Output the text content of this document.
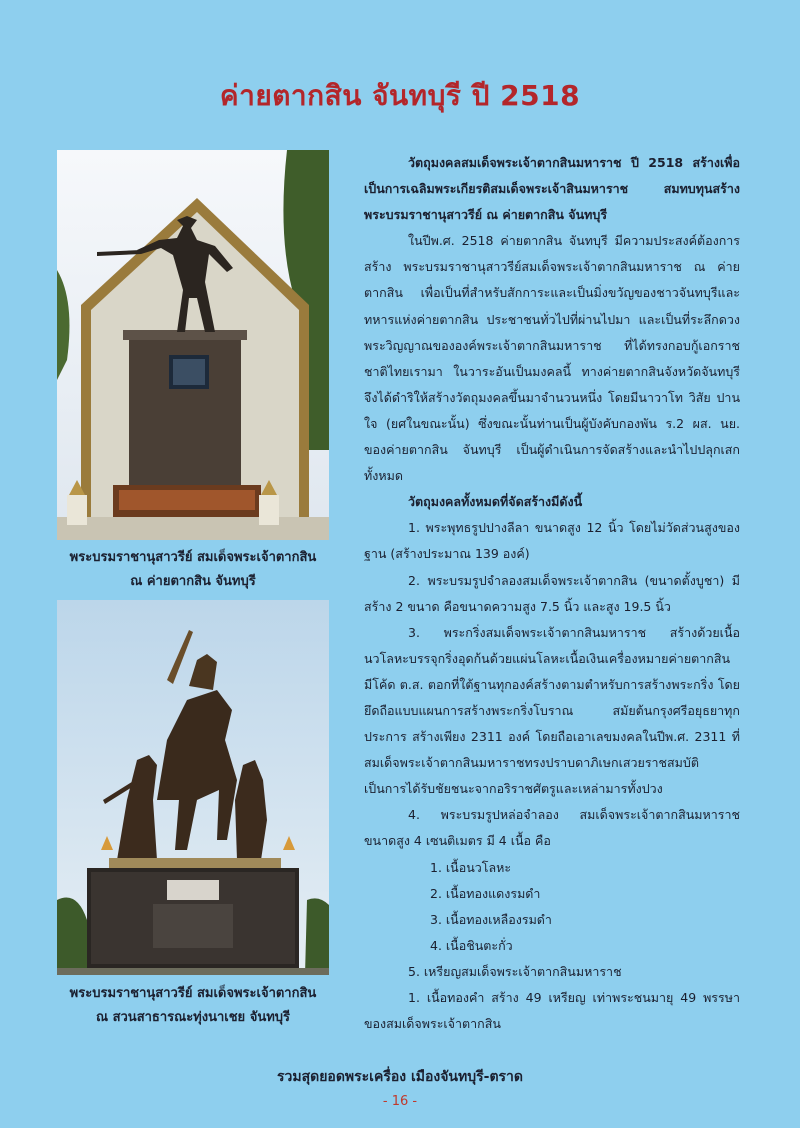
ค่ายตากสิน จันทบุรี ปี 2518
พระบรมราชานุสาวรีย์ สมเด็จพระเจ้าตากสิน
ณ ค่ายตากสิน จันทบุรี
พระบรมราชานุสาวรีย์ สมเด็จพระเจ้าตากสิน
ณ สวนสาธารณะทุ่งนาเชย จันทบุรี

วัตถุมงคลสมเด็จพระเจ้าตากสินมหาราช ปี 2518 สร้างเพื่อเป็นการเฉลิมพระเกียรติสมเด็จพระเจ้าสินมหาราช สมทบทุนสร้างพระบรมราชานุสาวรีย์ ณ ค่ายตากสิน จันทบุรี

ในปีพ.ศ. 2518 ค่ายตากสิน จันทบุรี มีความประสงค์ต้องการสร้าง พระบรมราชานุสาวรีย์สมเด็จพระเจ้าตากสินมหาราช ณ ค่ายตากสิน เพื่อเป็นที่สำหรับสักการะและเป็นมิ่งขวัญของชาวจันทบุรีและทหารแห่งค่ายตากสิน ประชาชนทั่วไปที่ผ่านไปมา และเป็นที่ระลึกดวงพระวิญญาณขององค์พระเจ้าตากสินมหาราช ที่ได้ทรงกอบกู้เอกราชชาติไทยเรามา ในวาระอันเป็นมงคลนี้ ทางค่ายตากสินจังหวัดจันทบุรีจึงได้ดำริให้สร้างวัตถุมงคลขึ้นมาจำนวนหนึ่ง โดยมีนาวาโท วิสัย ปานใจ (ยศในขณะนั้น) ซึ่งขณะนั้นท่านเป็นผู้บังคับกองพัน ร.2 ผส. นย. ของค่ายตากสิน จันทบุรี เป็นผู้ดำเนินการจัดสร้างและนำไปปลุกเสกทั้งหมด

วัตถุมงคลทั้งหมดที่จัดสร้างมีดังนี้

1. พระพุทธรูปปางลีลา ขนาดสูง 12 นิ้ว โดยไม่วัดส่วนสูงของฐาน (สร้างประมาณ 139 องค์)

2. พระบรมรูปจำลองสมเด็จพระเจ้าตากสิน (ขนาดตั้งบูชา) มีสร้าง 2 ขนาด คือขนาดความสูง 7.5 นิ้ว และสูง 19.5 นิ้ว

3. พระกริ่งสมเด็จพระเจ้าตากสินมหาราช สร้างด้วยเนื้อนวโลหะบรรจุกริ่งอุดก้นด้วยแผ่นโลหะเนื้อเงินเครื่องหมายค่ายตากสิน มีโค้ด ต.ส. ตอกที่ใต้ฐานทุกองค์สร้างตามตำหรับการสร้างพระกริ่ง โดยยึดถือแบบแผนการสร้างพระกริ่งโบราณ สมัยต้นกรุงศรีอยุธยาทุกประการ สร้างเพียง 2311 องค์ โดยถือเอาเลขมงคลในปีพ.ศ. 2311 ที่สมเด็จพระเจ้าตากสินมหาราชทรงปราบดาภิเษกเสวยราชสมบัติเป็นการได้รับชัยชนะจากอริราชศัตรูและเหล่ามารทั้งปวง

4. พระบรมรูปหล่อจำลอง สมเด็จพระเจ้าตากสินมหาราช ขนาดสูง 4 เซนติเมตร มี 4 เนื้อ คือ

1. เนื้อนวโลหะ

2. เนื้อทองแดงรมดำ

3. เนื้อทองเหลืองรมดำ

4. เนื้อชินตะกั่ว

5. เหรียญสมเด็จพระเจ้าตากสินมหาราช

1. เนื้อทองคำ สร้าง 49 เหรียญ เท่าพระชนมายุ 49 พรรษาของสมเด็จพระเจ้าตากสิน

รวมสุดยอดพระเครื่อง เมืองจันทบุรี-ตราด
- 16 -
